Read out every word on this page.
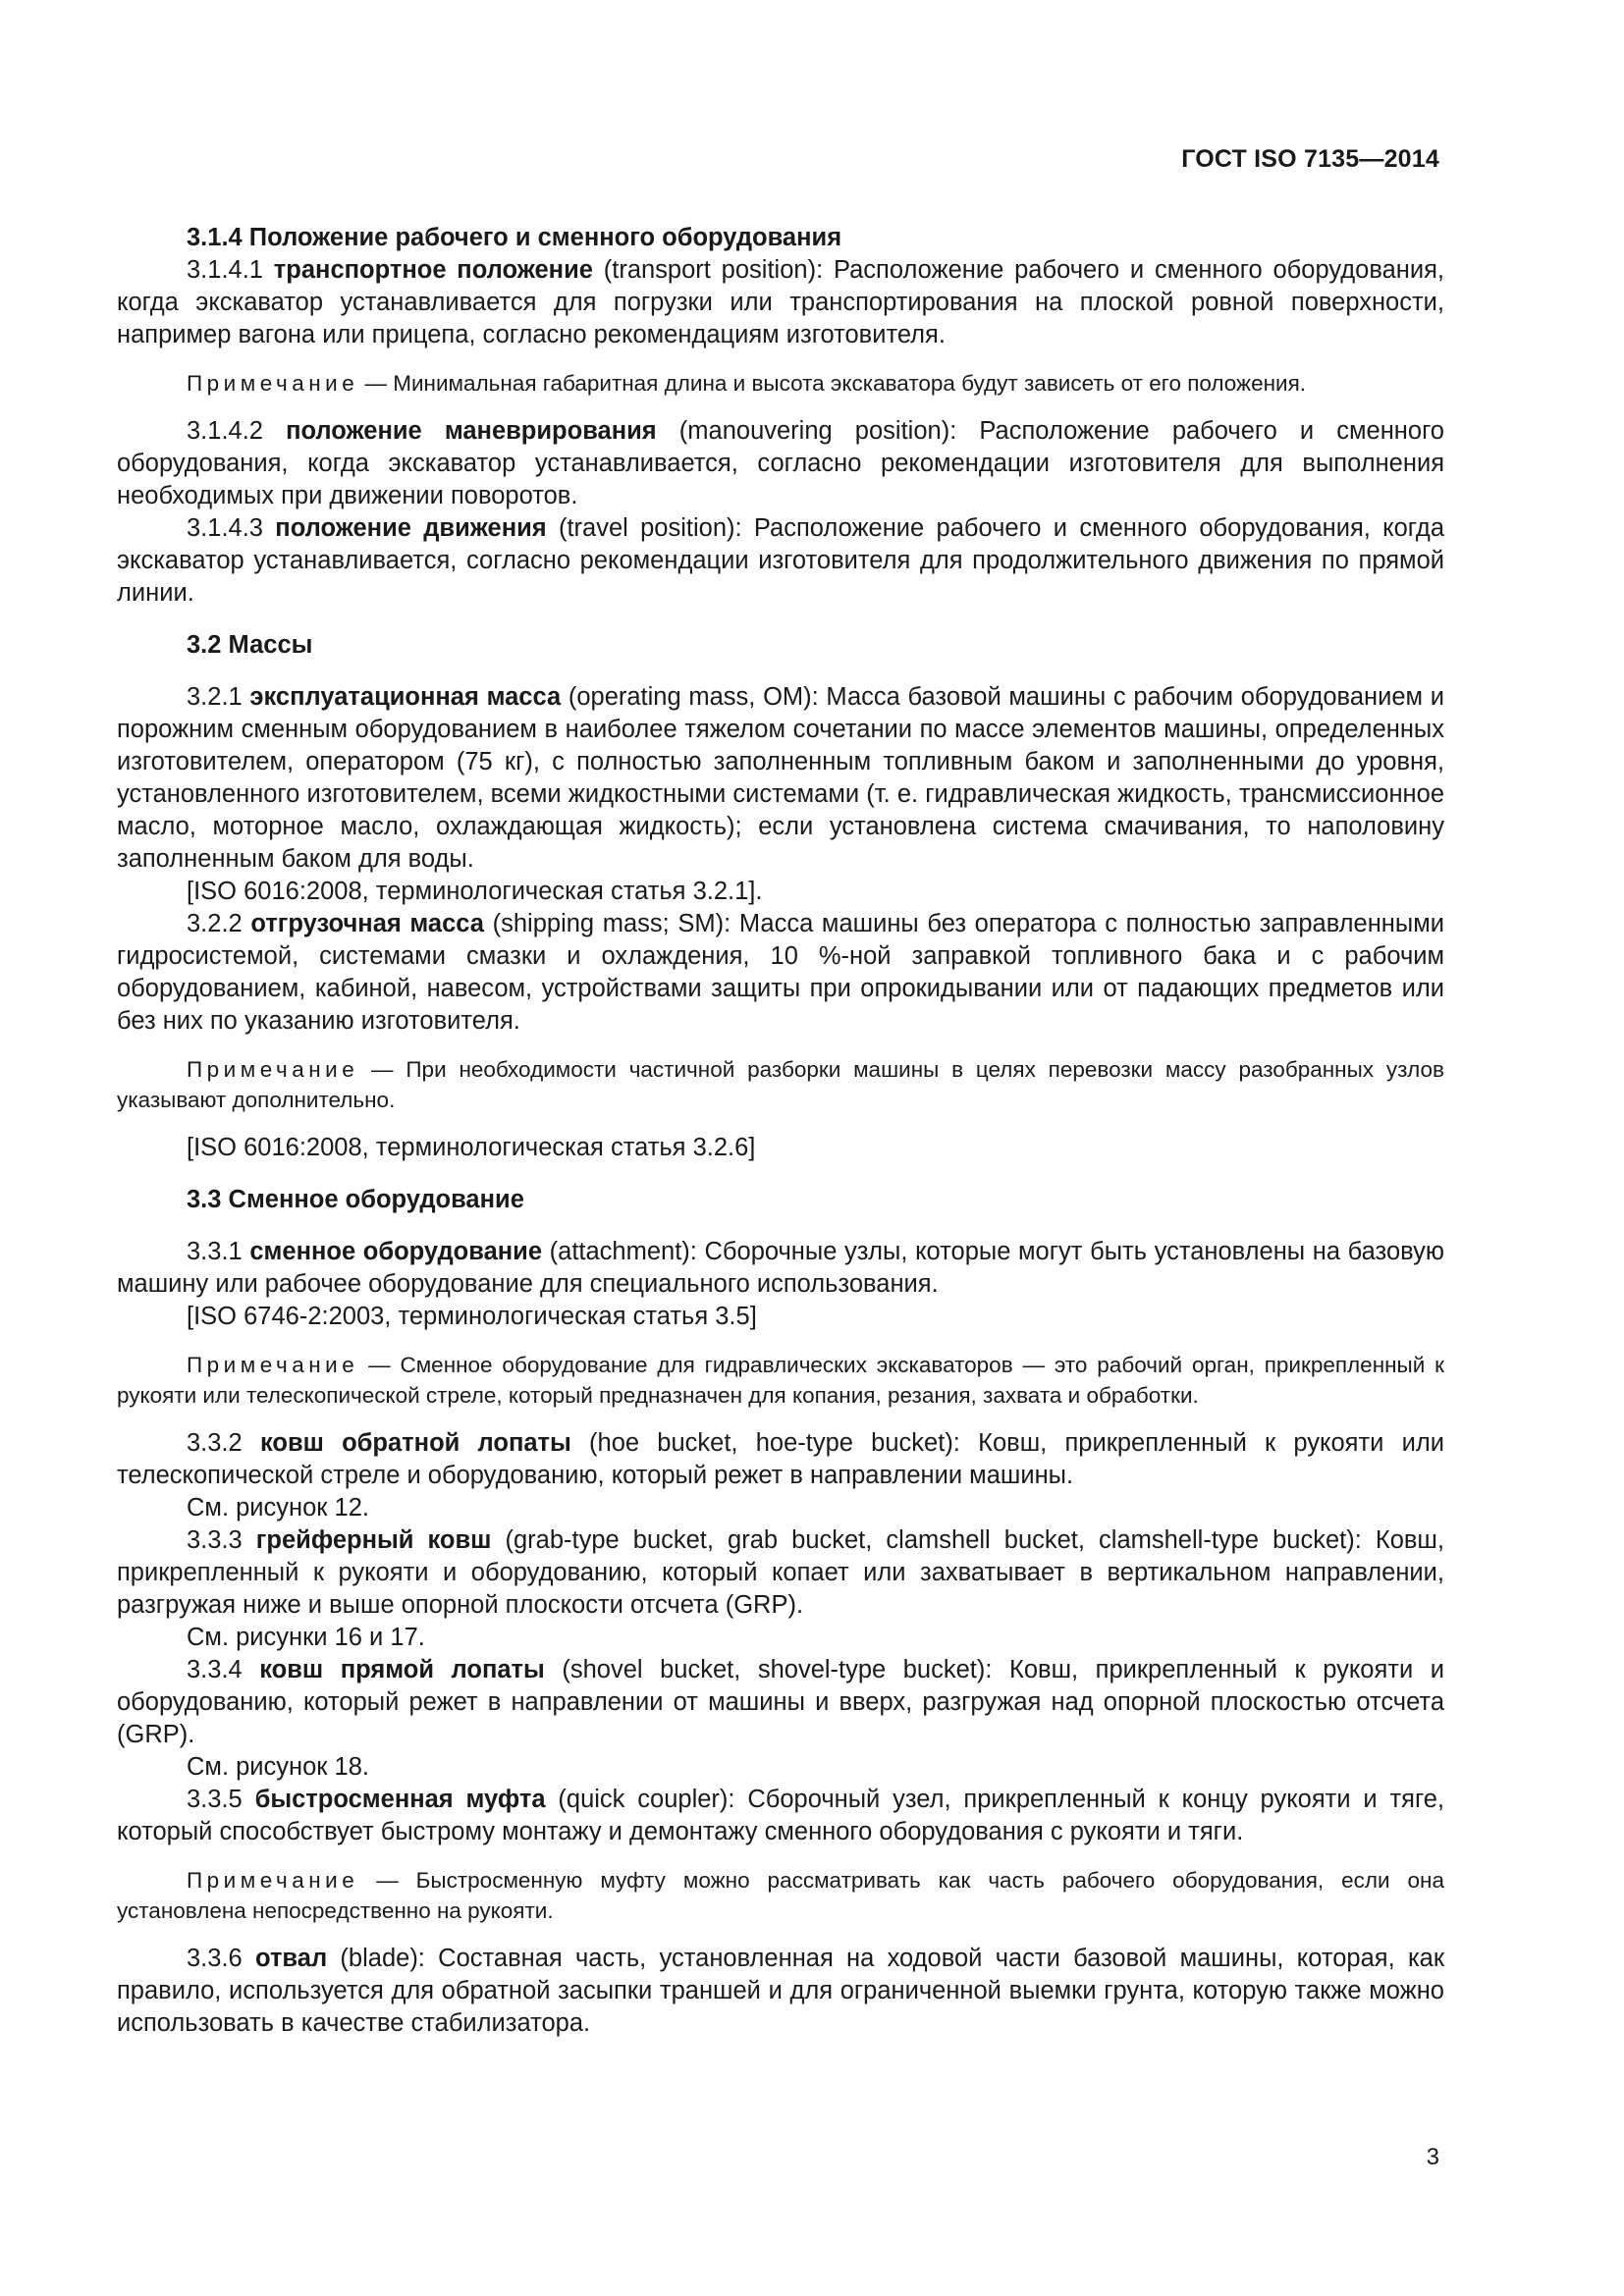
ГОСТ ISO 7135—2014

3.1.4 Положение рабочего и сменного оборудования

3.1.4.1 транспортное положение (transport position): Расположение рабочего и сменного оборудования, когда экскаватор устанавливается для погрузки или транспортирования на плоской ровной поверхности, например вагона или прицепа, согласно рекомендациям изготовителя.

Примечание — Минимальная габаритная длина и высота экскаватора будут зависеть от его положения.

3.1.4.2 положение маневрирования (manouvering position): Расположение рабочего и сменного оборудования, когда экскаватор устанавливается, согласно рекомендации изготовителя для выполнения необходимых при движении поворотов.

3.1.4.3 положение движения (travel position): Расположение рабочего и сменного оборудования, когда экскаватор устанавливается, согласно рекомендации изготовителя для продолжительного движения по прямой линии.

3.2 Массы

3.2.1 эксплуатационная масса (operating mass, OM): Масса базовой машины с рабочим оборудованием и порожним сменным оборудованием в наиболее тяжелом сочетании по массе элементов машины, определенных изготовителем, оператором (75 кг), с полностью заполненным топливным баком и заполненными до уровня, установленного изготовителем, всеми жидкостными системами (т. е. гидравлическая жидкость, трансмиссионное масло, моторное масло, охлаждающая жидкость); если установлена система смачивания, то наполовину заполненным баком для воды.

[ISO 6016:2008, терминологическая статья 3.2.1].

3.2.2 отгрузочная масса (shipping mass; SM): Масса машины без оператора с полностью заправленными гидросистемой, системами смазки и охлаждения, 10 %-ной заправкой топливного бака и с рабочим оборудованием, кабиной, навесом, устройствами защиты при опрокидывании или от падающих предметов или без них по указанию изготовителя.

Примечание — При необходимости частичной разборки машины в целях перевозки массу разобранных узлов указывают дополнительно.

[ISO 6016:2008, терминологическая статья 3.2.6]

3.3 Сменное оборудование

3.3.1 сменное оборудование (attachment): Сборочные узлы, которые могут быть установлены на базовую машину или рабочее оборудование для специального использования.

[ISO 6746-2:2003, терминологическая статья 3.5]

Примечание — Сменное оборудование для гидравлических экскаваторов — это рабочий орган, прикрепленный к рукояти или телескопической стреле, который предназначен для копания, резания, захвата и обработки.

3.3.2 ковш обратной лопаты (hoe bucket, hoe-type bucket): Ковш, прикрепленный к рукояти или телескопической стреле и оборудованию, который режет в направлении машины.

См. рисунок 12.

3.3.3 грейферный ковш (grab-type bucket, grab bucket, clamshell bucket, clamshell-type bucket): Ковш, прикрепленный к рукояти и оборудованию, который копает или захватывает в вертикальном направлении, разгружая ниже и выше опорной плоскости отсчета (GRP).

См. рисунки 16 и 17.

3.3.4 ковш прямой лопаты (shovel bucket, shovel-type bucket): Ковш, прикрепленный к рукояти и оборудованию, который режет в направлении от машины и вверх, разгружая над опорной плоскостью отсчета (GRP).

См. рисунок 18.

3.3.5 быстросменная муфта (quick coupler): Сборочный узел, прикрепленный к концу рукояти и тяге, который способствует быстрому монтажу и демонтажу сменного оборудования с рукояти и тяги.

Примечание — Быстросменную муфту можно рассматривать как часть рабочего оборудования, если она установлена непосредственно на рукояти.

3.3.6 отвал (blade): Составная часть, установленная на ходовой части базовой машины, которая, как правило, используется для обратной засыпки траншей и для ограниченной выемки грунта, которую также можно использовать в качестве стабилизатора.

3
